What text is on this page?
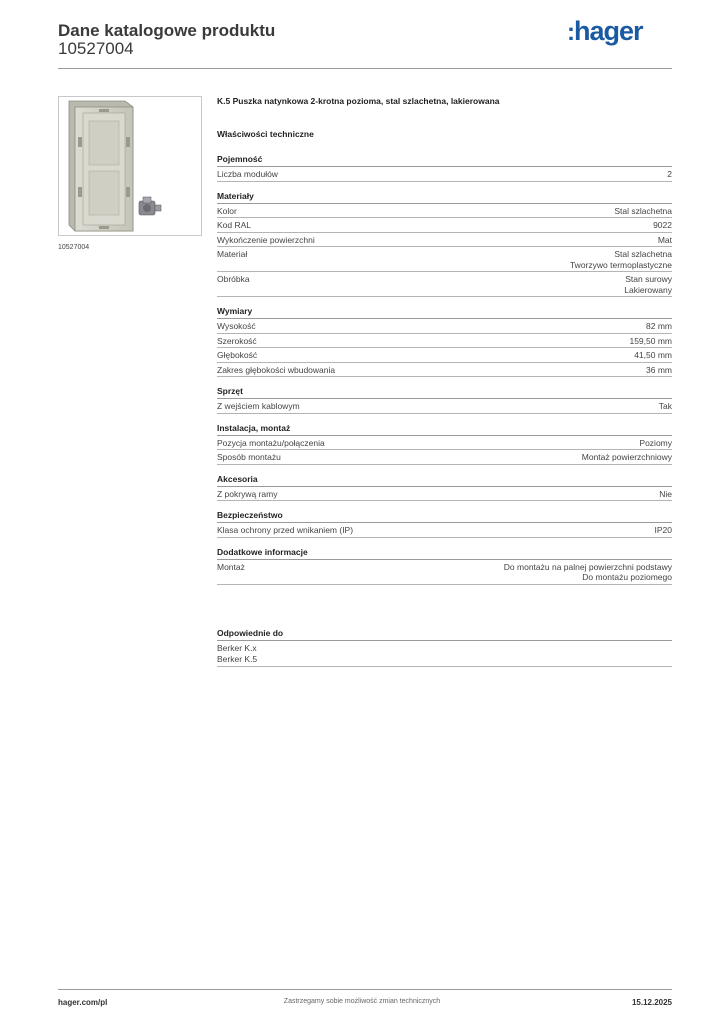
Dane katalogowe produktu
10527004
:hager
10527004
K.5 Puszka natynkowa 2-krotna pozioma, stal szlachetna, lakierowana
Właściwości techniczne
Pojemność
Liczba modułów	2
Materiały
Kolor	Stal szlachetna
Kod RAL	9022
Wykończenie powierzchni	Mat
Materiał	Stal szlachetna
Tworzywo termoplastyczne
Obróbka	Stan surowy
Lakierowany
Wymiary
Wysokość	82 mm
Szerokość	159,50 mm
Głębokość	41,50 mm
Zakres głębokości wbudowania	36 mm
Sprzęt
Z wejściem kablowym	Tak
Instalacja, montaż
Pozycja montażu/połączenia	Poziomy
Sposób montażu	Montaż powierzchniowy
Akcesoria
Z pokrywą ramy	Nie
Bezpieczeństwo
Klasa ochrony przed wnikaniem (IP)	IP20
Dodatkowe informacje
Montaż	Do montażu na palnej powierzchni podstawy
Do montażu poziomego
Odpowiednie do
Berker K.x
Berker K.5
hager.com/pl	Zastrzegamy sobie możliwość zmian technicznych	15.12.2025
